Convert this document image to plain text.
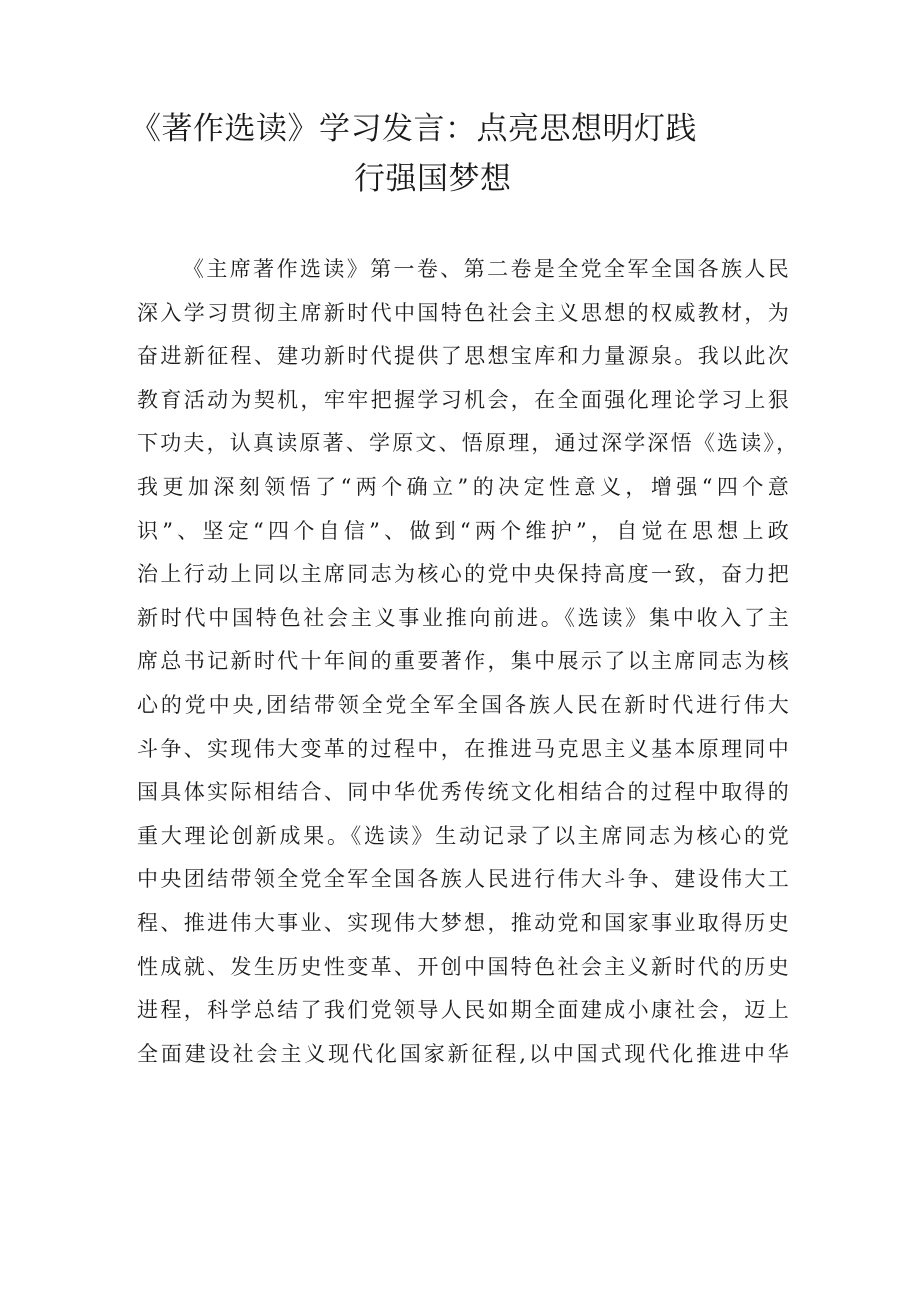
《著作选读》学习发言：点亮思想明灯践
行强国梦想
《主席著作选读》第一卷、第二卷是全党全军全国各族人民
深入学习贯彻主席新时代中国特色社会主义思想的权威教材，为
奋进新征程、建功新时代提供了思想宝库和力量源泉。我以此次
教育活动为契机，牢牢把握学习机会，在全面强化理论学习上狠
下功夫，认真读原著、学原文、悟原理，通过深学深悟《选读》，
我更加深刻领悟了“两个确立”的决定性意义，增强“四个意
识”、坚定“四个自信”、做到“两个维护”，自觉在思想上政
治上行动上同以主席同志为核心的党中央保持高度一致，奋力把
新时代中国特色社会主义事业推向前进。《选读》集中收入了主
席总书记新时代十年间的重要著作，集中展示了以主席同志为核
心的党中央,团结带领全党全军全国各族人民在新时代进行伟大
斗争、实现伟大变革的过程中，在推进马克思主义基本原理同中
国具体实际相结合、同中华优秀传统文化相结合的过程中取得的
重大理论创新成果。《选读》生动记录了以主席同志为核心的党
中央团结带领全党全军全国各族人民进行伟大斗争、建设伟大工
程、推进伟大事业、实现伟大梦想，推动党和国家事业取得历史
性成就、发生历史性变革、开创中国特色社会主义新时代的历史
进程，科学总结了我们党领导人民如期全面建成小康社会，迈上
全面建设社会主义现代化国家新征程,以中国式现代化推进中华
